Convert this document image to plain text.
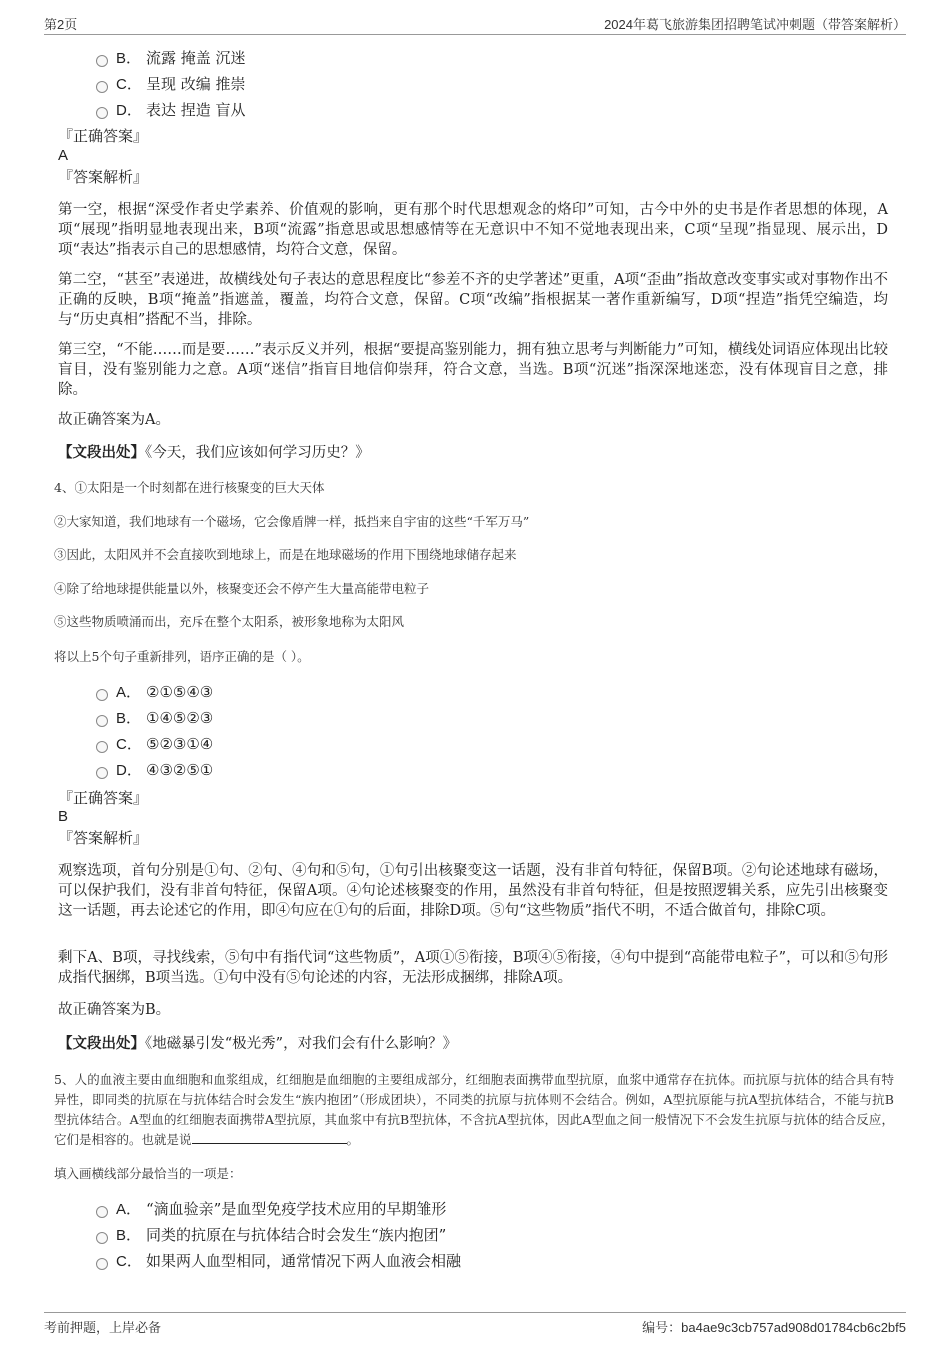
第2页	2024年葛飞旅游集团招聘笔试冲刺题（带答案解析）
B． 流露 掩盖 沉迷
C． 呈现 改编 推崇
D． 表达 捏造 盲从
『正确答案』
A
『答案解析』
第一空，根据“深受作者史学素养、价值观的影响，更有那个时代思想观念的烙印”可知，古今中外的史书是作者思想的体现，A项“展现”指明显地表现出来，B项“流露”指意思或思想感情等在无意识中不知不觉地表现出来，C项“呈现”指显现、展示出，D项“表达”指表示自己的思想感情，均符合文意，保留。
第二空，“甚至”表递进，故横线处句子表达的意思程度比“参差不齐的史学著述”更重，A项“歪曲”指故意改变事实或对事物作出不正确的反映，B项“掩盖”指遮盖，覆盖，均符合文意，保留。C项“改编”指根据某一著作重新编写，D项“捏造”指凭空编造，均与“历史真相”搭配不当，排除。
第三空，“不能……而是要……”表示反义并列，根据“要提高鉴别能力，拥有独立思考与判断能力”可知，横线处词语应体现出比较盲目，没有鉴别能力之意。A项“迷信”指盲目地信仰崇拜，符合文意，当选。B项“沉迷”指深深地迷恋，没有体现盲目之意，排除。
故正确答案为A。
【文段出处】《今天，我们应该如何学习历史？》
4、①太阳是一个时刻都在进行核聚变的巨大天体
②大家知道，我们地球有一个磁场，它会像盾牌一样，抵挡来自宇宙的这些“千军万马”
③因此，太阳风并不会直接吹到地球上，而是在地球磁场的作用下围绕地球储存起来
④除了给地球提供能量以外，核聚变还会不停产生大量高能带电粒子
⑤这些物质喷涌而出，充斥在整个太阳系，被形象地称为太阳风
将以上5个句子重新排列，语序正确的是（ ）。
A． ②①⑤④③
B． ①④⑤②③
C． ⑤②③①④
D． ④③②⑤①
『正确答案』
B
『答案解析』
观察选项，首句分别是①句、②句、④句和⑤句，①句引出核聚变这一话题，没有非首句特征，保留B项。②句论述地球有磁场，可以保护我们，没有非首句特征，保留A项。④句论述核聚变的作用，虽然没有非首句特征，但是按照逻辑关系，应先引出核聚变这一话题，再去论述它的作用，即④句应在①句的后面，排除D项。⑤句“这些物质”指代不明，不适合做首句，排除C项。
剩下A、B项，寻找线索，⑤句中有指代词“这些物质”，A项①⑤衔接，B项④⑤衔接，④句中提到“高能带电粒子”，可以和⑤句形成指代捆绑，B项当选。①句中没有⑤句论述的内容，无法形成捆绑，排除A项。
故正确答案为B。
【文段出处】《地磁暴引发“极光秀”，对我们会有什么影响？》
5、人的血液主要由血细胞和血浆组成，红细胞是血细胞的主要组成部分，红细胞表面携带血型抗原，血浆中通常存在抗体。而抗原与抗体的结合具有特异性，即同类的抗原在与抗体结合时会发生“族内抱团”（形成团块），不同类的抗原与抗体则不会结合。例如，A型抗原能与抗A型抗体结合，不能与抗B型抗体结合。A型血的红细胞表面携带A型抗原，其血浆中有抗B型抗体，不含抗A型抗体，因此A型血之间一般情况下不会发生抗原与抗体的结合反应，它们是相容的。也就是说	。
填入画横线部分最恰当的一项是：
A． “滴血验亲”是血型免疫学技术应用的早期雏形
B． 同类的抗原在与抗体结合时会发生“族内抱团”
C． 如果两人血型相同，通常情况下两人血液会相融
考前押题，上岸必备	编号：ba4ae9c3cb757ad908d01784cb6c2bf5
